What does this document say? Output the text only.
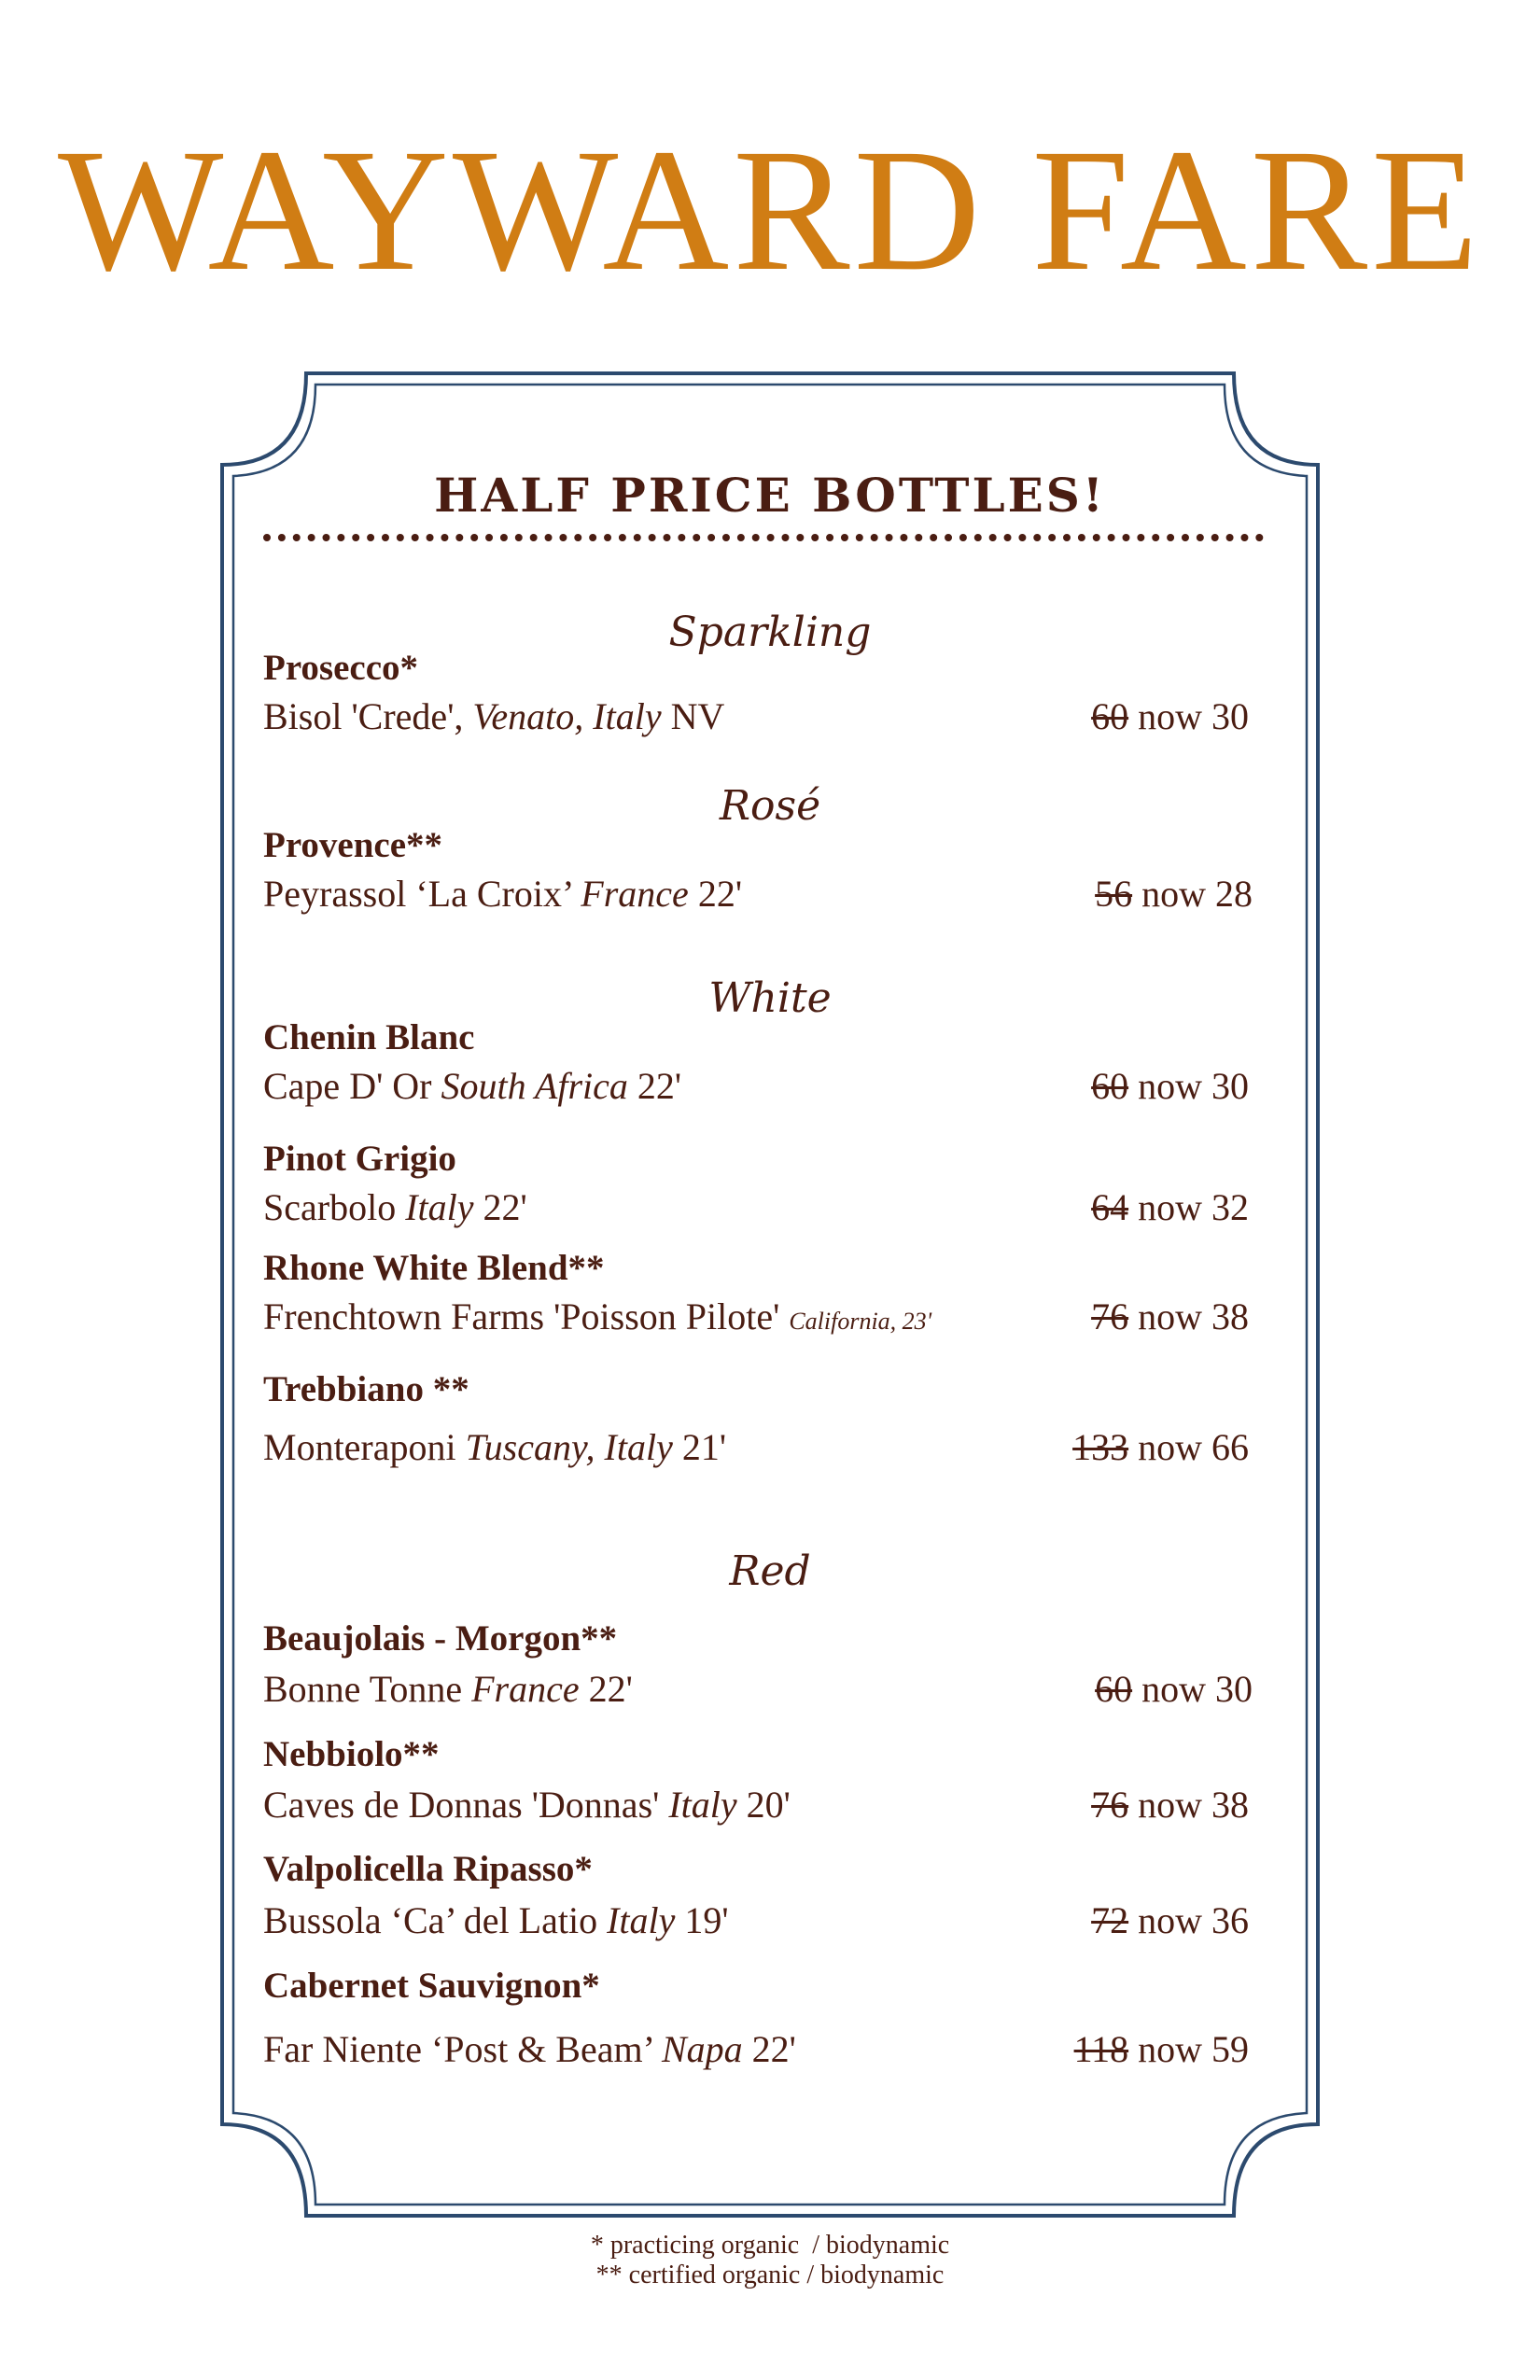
WAYWARD FARE
HALF PRICE BOTTLES!
Sparkling
Prosecco*
Bisol 'Crede', Venato, Italy NV	60 now 30
Rosé
Provence**
Peyrassol ‘La Croix’ France 22'	56 now 28
White
Chenin Blanc
Cape D' Or South Africa 22'	60 now 30
Pinot Grigio
Scarbolo Italy 22'	64 now 32
Rhone White Blend**
Frenchtown Farms 'Poisson Pilote' California, 23'	76 now 38
Trebbiano **
Monteraponi Tuscany, Italy 21'	133 now 66
Red
Beaujolais - Morgon**
Bonne Tonne France 22'	60 now 30
Nebbiolo**
Caves de Donnas 'Donnas' Italy 20'	76 now 38
Valpolicella Ripasso*
Bussola ‘Ca’ del Latio Italy 19'	72 now 36
Cabernet Sauvignon*
Far Niente ‘Post & Beam’ Napa 22'	118 now 59
* practicing organic  / biodynamic
** certified organic / biodynamic
